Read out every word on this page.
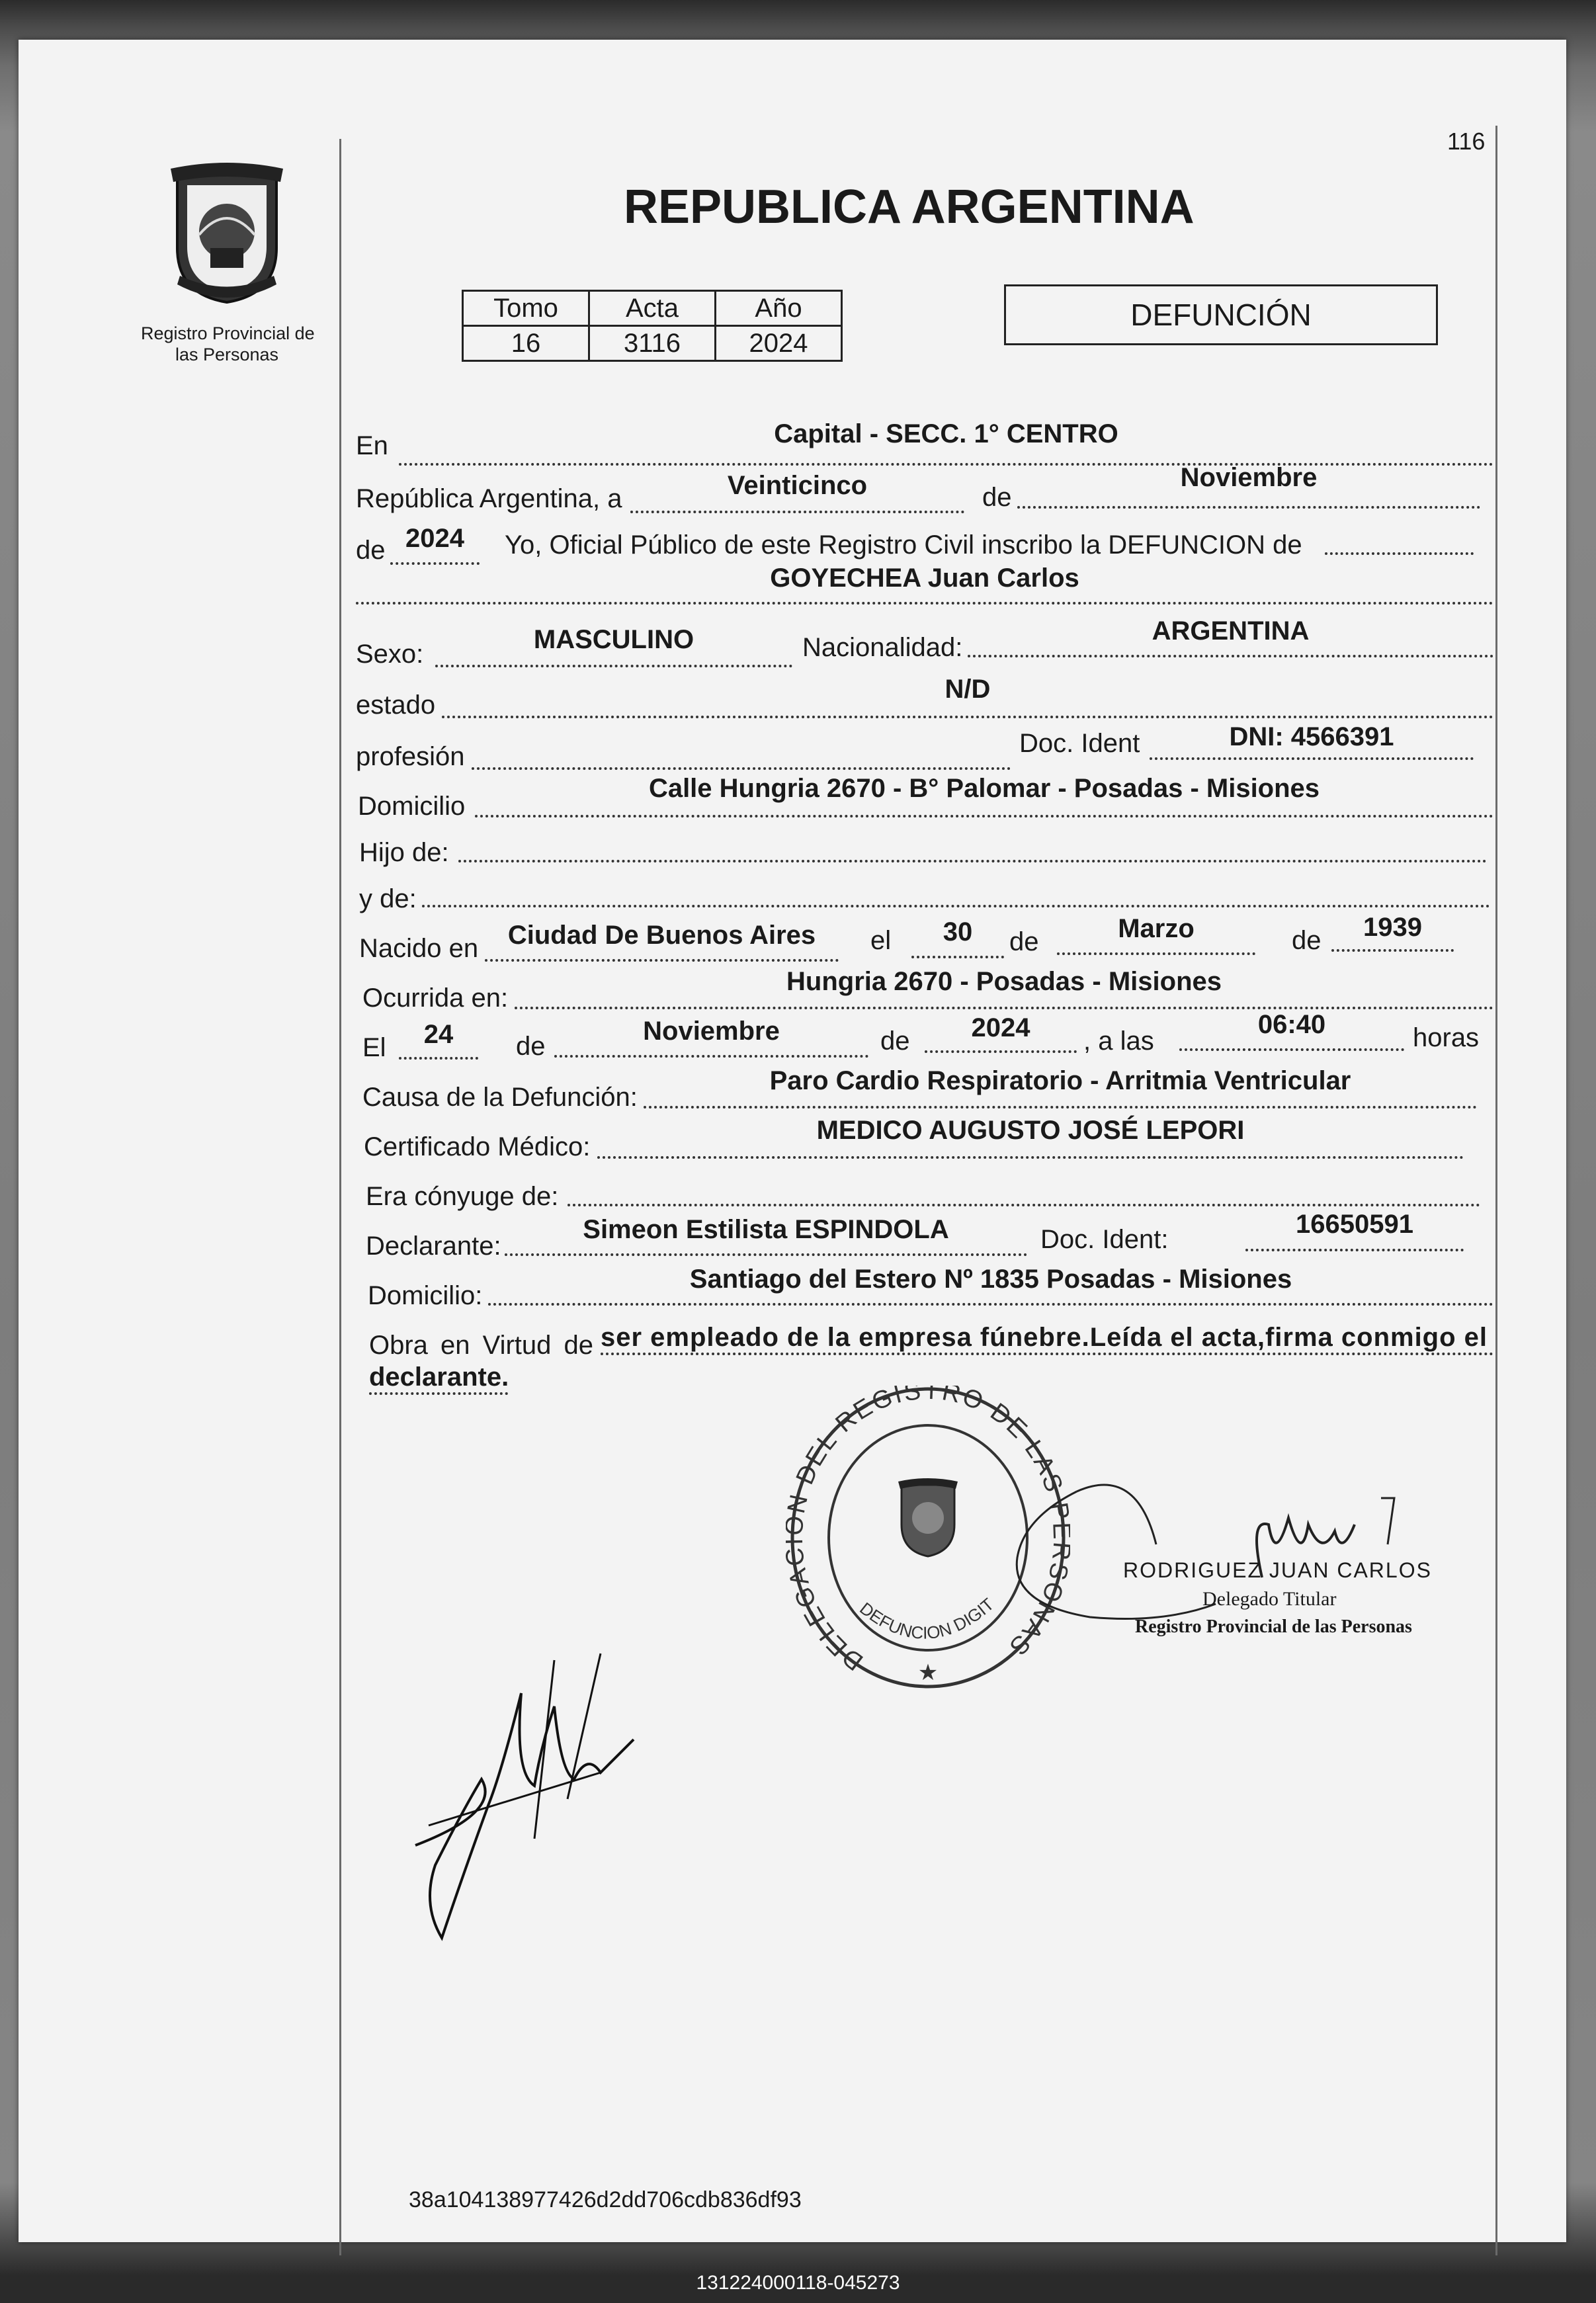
116
Registro Provincial de
las Personas
REPUBLICA ARGENTINA
Tomo	Acta	Año
16	3116	2024
DEFUNCIÓN
En	Capital - SECC. 1° CENTRO
República Argentina, a	Veinticinco	de
Noviembre
de 2024	Yo, Oficial Público de este Registro Civil inscribo la DEFUNCION de
GOYECHEA Juan Carlos
Sexo:	MASCULINO	Nacionalidad:
ARGENTINA
estado
N/D
profesión	Doc. Ident	DNI: 4566391
Domicilio
Calle Hungria 2670 - B° Palomar - Posadas - Misiones
Hijo de:
y de:
Nacido en	Ciudad De Buenos Aires	el	30	de	Marzo	de	1939
Ocurrida en:
Hungria 2670 - Posadas - Misiones
El	24	de
Noviembre	de	2024	, a las
06:40	horas
Causa de la Defunción:
Paro Cardio Respiratorio - Arritmia Ventricular
Certificado Médico:
MEDICO AUGUSTO JOSÉ LEPORI
Era cónyuge de:
Declarante:
Simeon Estilista ESPINDOLA	Doc. Ident:
16650591
Domicilio:
Santiago del Estero Nº 1835 Posadas - Misiones
Obra en Virtud de ser empleado de la empresa fúnebre.Leída el acta,firma conmigo el
declarante.
DELEGA DEL REGISTRO DE LAS ONAS
DEFUNCION DIGIT
★
RODRIGUEZ JUAN CARLOS
Delegado Titular
Registro Provincial de las Personas
38a104138977426d2dd706cdb836df93
131224000118-045273
